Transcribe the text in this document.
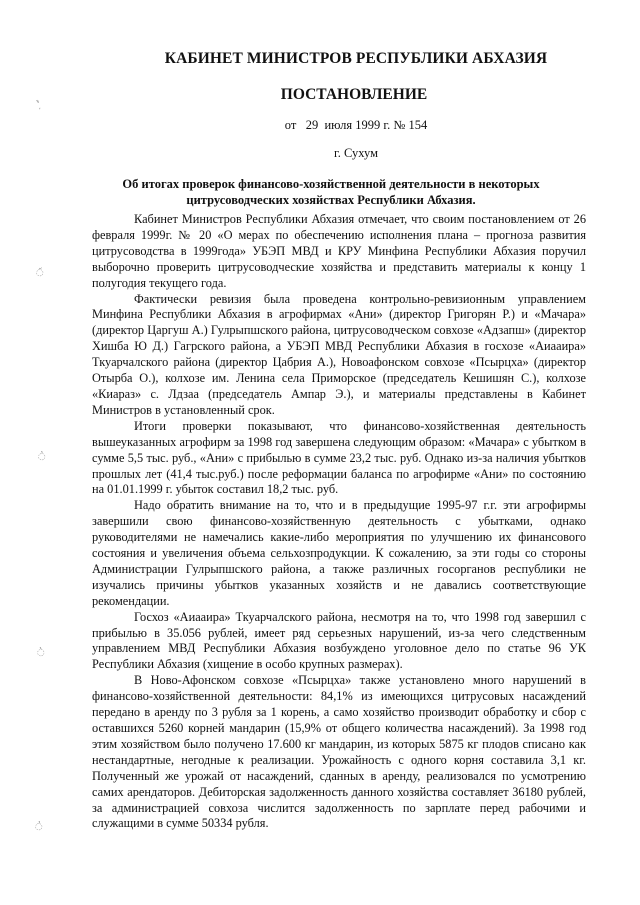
ʻ̦̓
◌̆
◌̓
◌̔
◌̓
КАБИНЕТ МИНИСТРОВ РЕСПУБЛИКИ АБХАЗИЯ
ПОСТАНОВЛЕНИЕ
от   29  июля 1999 г. № 154
г. Сухум
Об итогах проверок финансово-хозяйственной деятельности в некоторых цитрусоводческих хозяйствах Республики Абхазия.

Кабинет Министров Республики Абхазия отмечает, что своим постановлением от 26 февраля 1999г. № 20 «О мерах по обеспечению исполнения плана – прогноза развития цитрусоводства в 1999года» УБЭП МВД и КРУ Минфина Республики Абхазия поручил выборочно проверить цитрусоводческие хозяйства и представить материалы к концу 1 полугодия текущего года.

Фактически ревизия была проведена контрольно-ревизионным управлением Минфина Республики Абхазия в агрофирмах «Ани» (директор Григорян Р.) и «Мачара» (директор Царгуш А.) Гулрыпшского района, цитрусоводческом совхозе «Адзапш» (директор Хишба Ю Д.) Гагрского района, а УБЭП МВД Республики Абхазия в госхозе «Аиааира» Ткуарчалского района (директор Цабрия А.), Новоафонском совхозе «Псырцха» (директор Отырба О.), колхозе им. Ленина села Приморское (председатель Кешишян С.), колхозе «Киараз» с. Лдзаа (председатель Ампар Э.), и материалы представлены в Кабинет Министров в установленный срок.

Итоги проверки показывают, что финансово-хозяйственная деятельность вышеуказанных агрофирм за 1998 год завершена следующим образом: «Мачара» с убытком в сумме 5,5 тыс. руб., «Ани» с прибылью в сумме 23,2 тыс. руб. Однако из-за наличия убытков прошлых лет (41,4 тыс.руб.) после реформации баланса по агрофирме «Ани» по состоянию на 01.01.1999 г. убыток составил 18,2 тыс. руб.

Надо обратить внимание на то, что и в предыдущие 1995-97 г.г. эти агрофирмы завершили свою финансово-хозяйственную деятельность с убытками, однако руководителями не намечались какие-либо мероприятия по улучшению их финансового состояния и увеличения объема сельхозпродукции. К сожалению, за эти годы со стороны Администрации Гулрыпшского района, а также различных госорганов республики не изучались причины убытков указанных хозяйств и не давались соответствующие рекомендации.

Госхоз «Аиааира» Ткуарчалского района, несмотря на то, что 1998 год завершил с прибылью в 35.056 рублей, имеет ряд серьезных нарушений, из-за чего следственным управлением МВД Республики Абхазия возбуждено уголовное дело по статье 96 УК Республики Абхазия (хищение в особо крупных размерах).

В Ново-Афонском совхозе «Псырцха» также установлено много нарушений в финансово-хозяйственной деятельности: 84,1% из имеющихся цитрусовых насаждений передано в аренду по 3 рубля за 1 корень, а само хозяйство производит обработку и сбор с оставшихся 5260 корней мандарин (15,9% от общего количества насаждений). За 1998 год этим хозяйством было получено 17.600 кг мандарин, из которых 5875 кг плодов списано как нестандартные, негодные к реализации. Урожайность с одного корня составила 3,1 кг. Полученный же урожай от насаждений, сданных в аренду, реализовался по усмотрению самих арендаторов. Дебиторская задолженность данного хозяйства составляет 36180 рублей, за администрацией совхоза числится задолженность по зарплате перед рабочими и служащими в сумме 50334 рубля.
